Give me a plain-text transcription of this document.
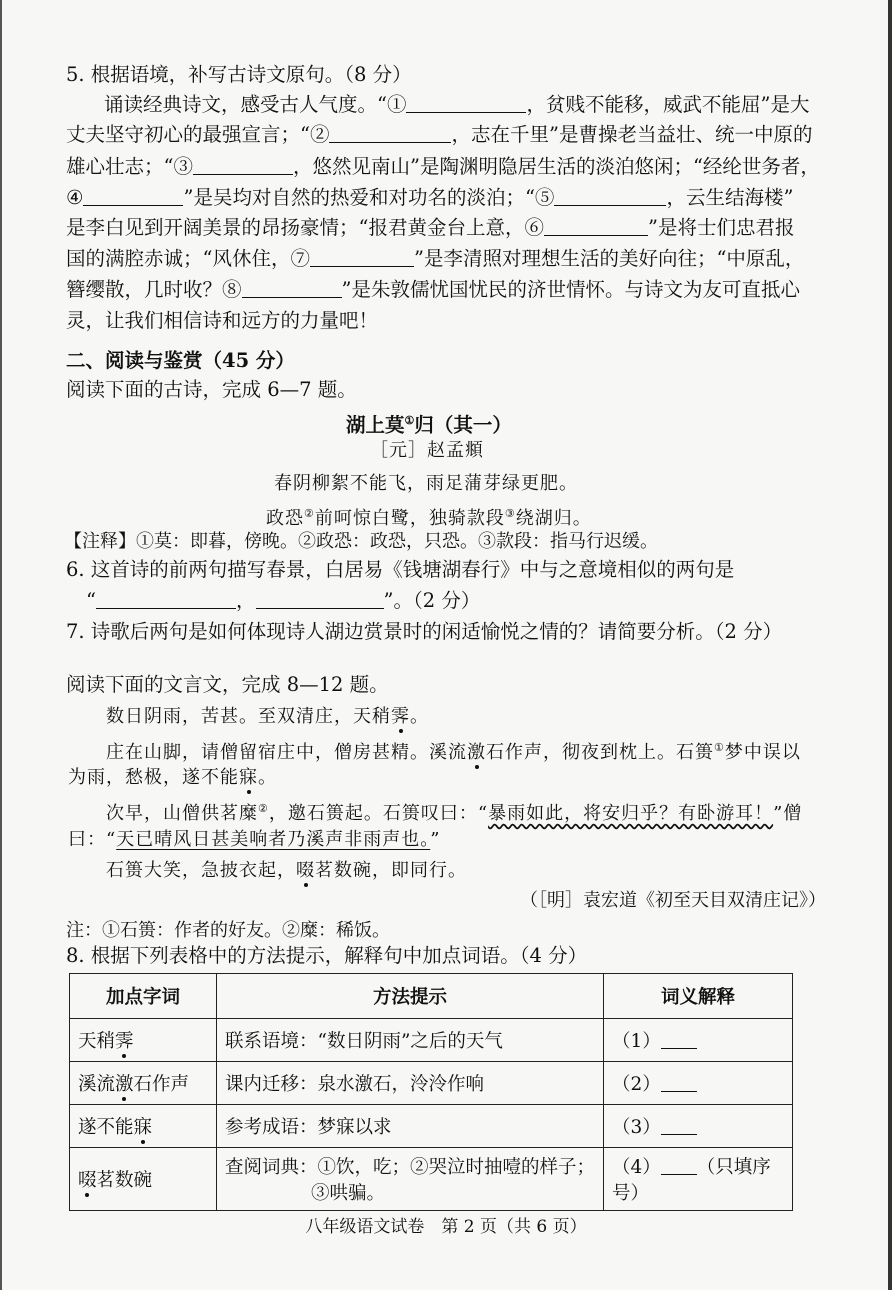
5. 根据语境，补写古诗文原句。（8 分）
诵读经典诗文，感受古人气度。“①	，贫贱不能移，威武不能屈”是大
丈夫坚守初心的最强宣言；“②	，志在千里”是曹操老当益壮、统一中原的
雄心壮志；“③	，悠然见南山”是陶渊明隐居生活的淡泊悠闲；“经纶世务者，
④	”是吴均对自然的热爱和对功名的淡泊；“⑤	，云生结海楼”
是李白见到开阔美景的昂扬豪情；“报君黄金台上意，⑥	”是将士们忠君报
国的满腔赤诚；“风休住，⑦	”是李清照对理想生活的美好向往；“中原乱，
簪缨散，几时收？⑧	”是朱敦儒忧国忧民的济世情怀。与诗文为友可直抵心
灵，让我们相信诗和远方的力量吧！
二、阅读与鉴赏（45 分）
阅读下面的古诗，完成 6—7 题。
湖上莫①归（其一）
［元］赵孟頫
春阴柳絮不能飞，雨足蒲芽绿更肥。
政恐②前呵惊白鹭，独骑款段③绕湖归。
【注释】①莫：即暮，傍晚。②政恐：政恐，只恐。③款段：指马行迟缓。
6. 这首诗的前两句描写春景，白居易《钱塘湖春行》中与之意境相似的两句是
“	，	”。（2 分）
7. 诗歌后两句是如何体现诗人湖边赏景时的闲适愉悦之情的？请简要分析。（2 分）
阅读下面的文言文，完成 8—12 题。
数日阴雨，苦甚。至双清庄，天稍霁。
庄在山脚，请僧留宿庄中，僧房甚精。溪流激石作声，彻夜到枕上。石篑①梦中误以
为雨，愁极，遂不能寐。
次早，山僧供茗糜②，邀石篑起。石篑叹曰：“暴雨如此，将安归乎？有卧游耳！”僧
曰：“天已晴风日甚美响者乃溪声非雨声也。”
石篑大笑，急披衣起，啜茗数碗，即同行。
（［明］袁宏道《初至天目双清庄记》）
注：①石篑：作者的好友。②糜：稀饭。
8. 根据下列表格中的方法提示，解释句中加点词语。（4 分）
加点字词	方法提示	词义解释
天稍霁	联系语境：“数日阴雨”之后的天气	（1）
溪流激石作声	课内迁移：泉水激石，泠泠作响	（2）
遂不能寐	参考成语：梦寐以求	（3）
啜茗数碗	查阅词典：①饮，吃；②哭泣时抽噎的样子；
③哄骗。	（4） （只填序号）
八年级语文试卷　第 2 页（共 6 页）
